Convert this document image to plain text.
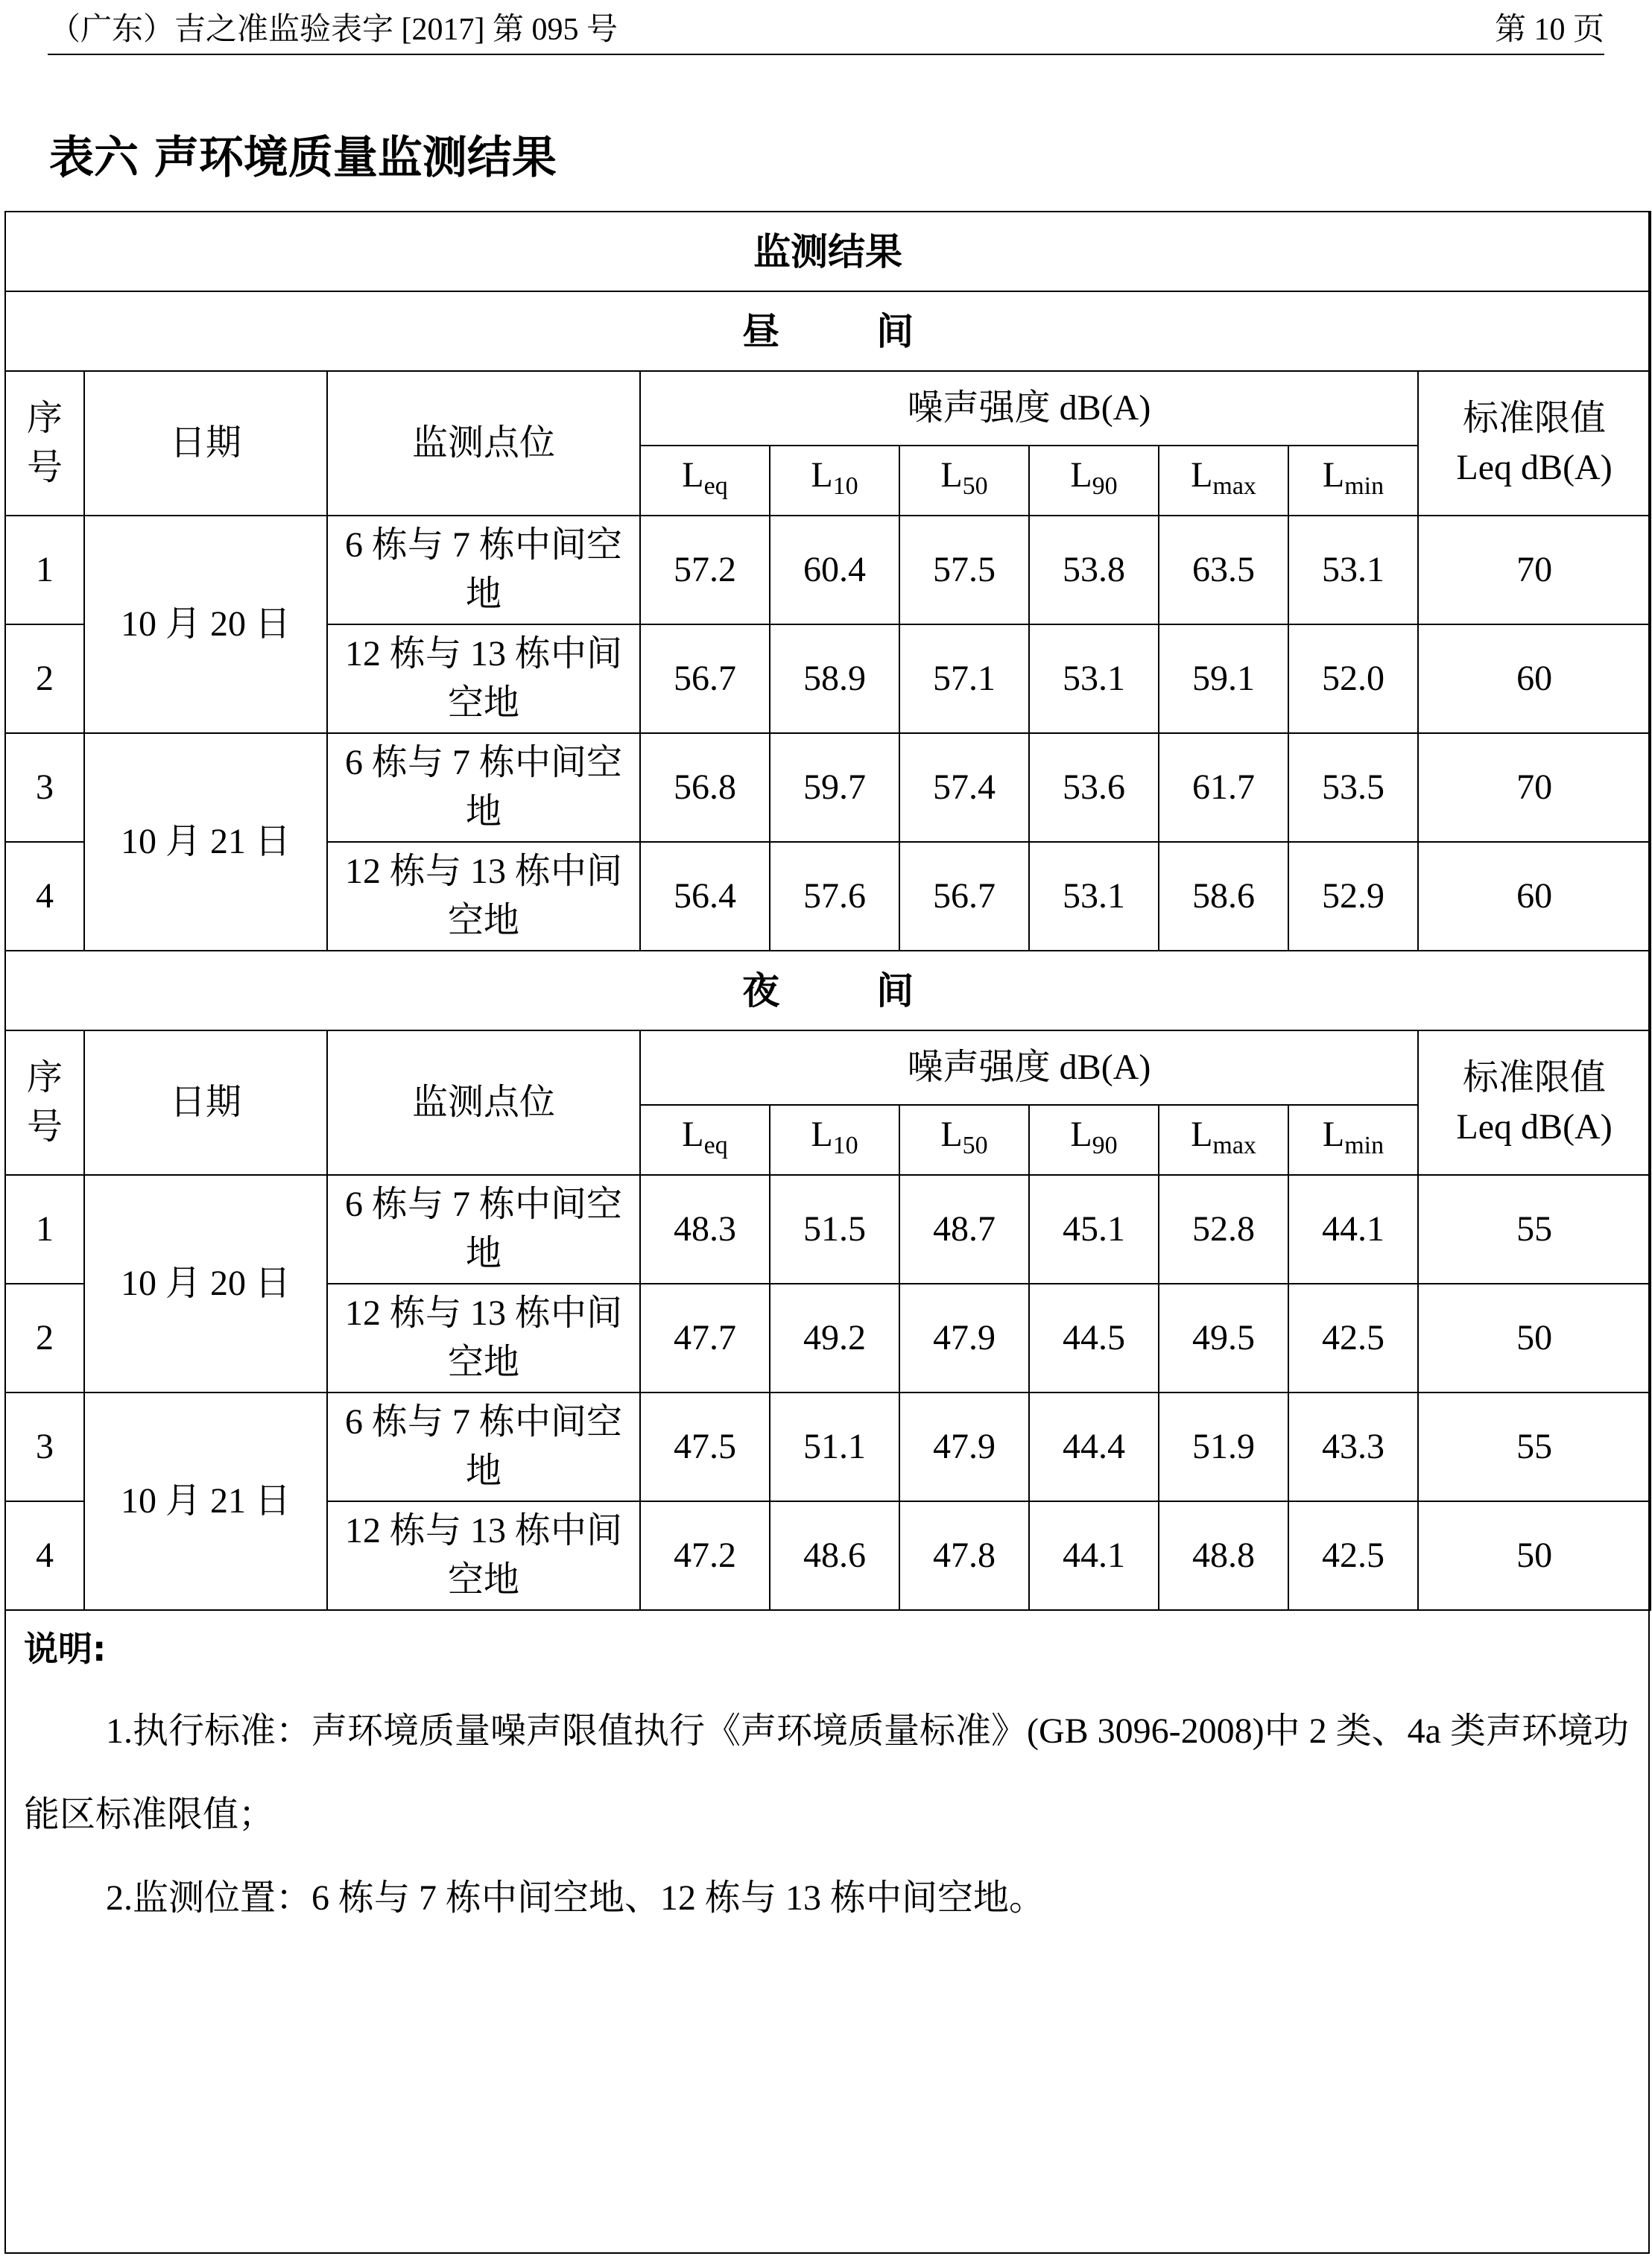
（广东）吉之准监验表字 [2017] 第 095 号	第 10 页
表六 声环境质量监测结果
监测结果									
昼 间									
序
号	日期	监测点位	噪声强度 dB(A)						标准限值
Leq dB(A)
			$L_{eq}$	$L_{10}$	$L_{50}$	$L_{90}$	$L_{max}$	$L_{min}$
1	10 月 20 日	6 栋与 7 栋中间空地	57.2	60.4	57.5	53.8	63.5	53.1	70
2		12 栋与 13 栋中间空地	56.7	58.9	57.1	53.1	59.1	52.0	60
3	10 月 21 日	6 栋与 7 栋中间空地	56.8	59.7	57.4	53.6	61.7	53.5	70
4		12 栋与 13 栋中间空地	56.4	57.6	56.7	53.1	58.6	52.9	60
夜 间									
序
号	日期	监测点位	噪声强度 dB(A)						标准限值
Leq dB(A)
			$L_{eq}$	$L_{10}$	$L_{50}$	$L_{90}$	$L_{max}$	$L_{min}$
1	10 月 20 日	6 栋与 7 栋中间空地	48.3	51.5	48.7	45.1	52.8	44.1	55
2		12 栋与 13 栋中间空地	47.7	49.2	47.9	44.5	49.5	42.5	50
3	10 月 21 日	6 栋与 7 栋中间空地	47.5	51.1	47.9	44.4	51.9	43.3	55
4		12 栋与 13 栋中间空地	47.2	48.6	47.8	44.1	48.8	42.5	50
说明:
1.执行标准：声环境质量噪声限值执行《声环境质量标准》(GB 3096-2008)中 2 类、4a 类声环境功能区标准限值；
2.监测位置：6 栋与 7 栋中间空地、12 栋与 13 栋中间空地。
